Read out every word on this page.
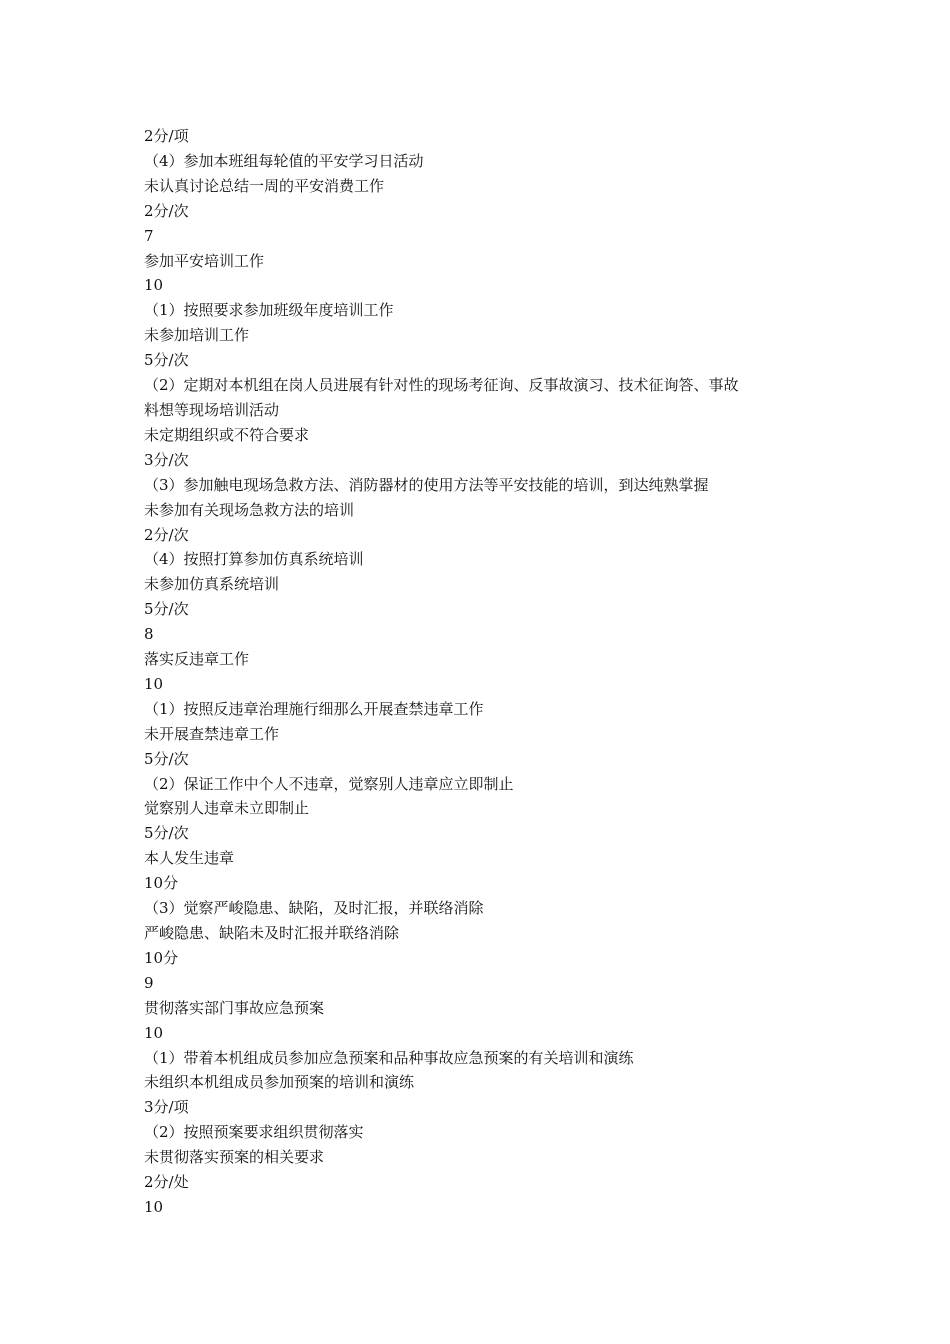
2分/项

（4）参加本班组每轮值的平安学习日活动

未认真讨论总结一周的平安消费工作

2分/次

7

参加平安培训工作

10

（1）按照要求参加班级年度培训工作

未参加培训工作

5分/次

（2）定期对本机组在岗人员进展有针对性的现场考征询、反事故演习、技术征询答、事故

料想等现场培训活动

未定期组织或不符合要求

3分/次

（3）参加触电现场急救方法、消防器材的使用方法等平安技能的培训，到达纯熟掌握

未参加有关现场急救方法的培训

2分/次

（4）按照打算参加仿真系统培训

未参加仿真系统培训

5分/次

8

落实反违章工作

10

（1）按照反违章治理施行细那么开展查禁违章工作

未开展查禁违章工作

5分/次

（2）保证工作中个人不违章，觉察别人违章应立即制止

觉察别人违章未立即制止

5分/次

本人发生违章

10分

（3）觉察严峻隐患、缺陷，及时汇报，并联络消除

严峻隐患、缺陷未及时汇报并联络消除

10分

9

贯彻落实部门事故应急预案

10

（1）带着本机组成员参加应急预案和品种事故应急预案的有关培训和演练

未组织本机组成员参加预案的培训和演练

3分/项

（2）按照预案要求组织贯彻落实

未贯彻落实预案的相关要求

2分/处

10
